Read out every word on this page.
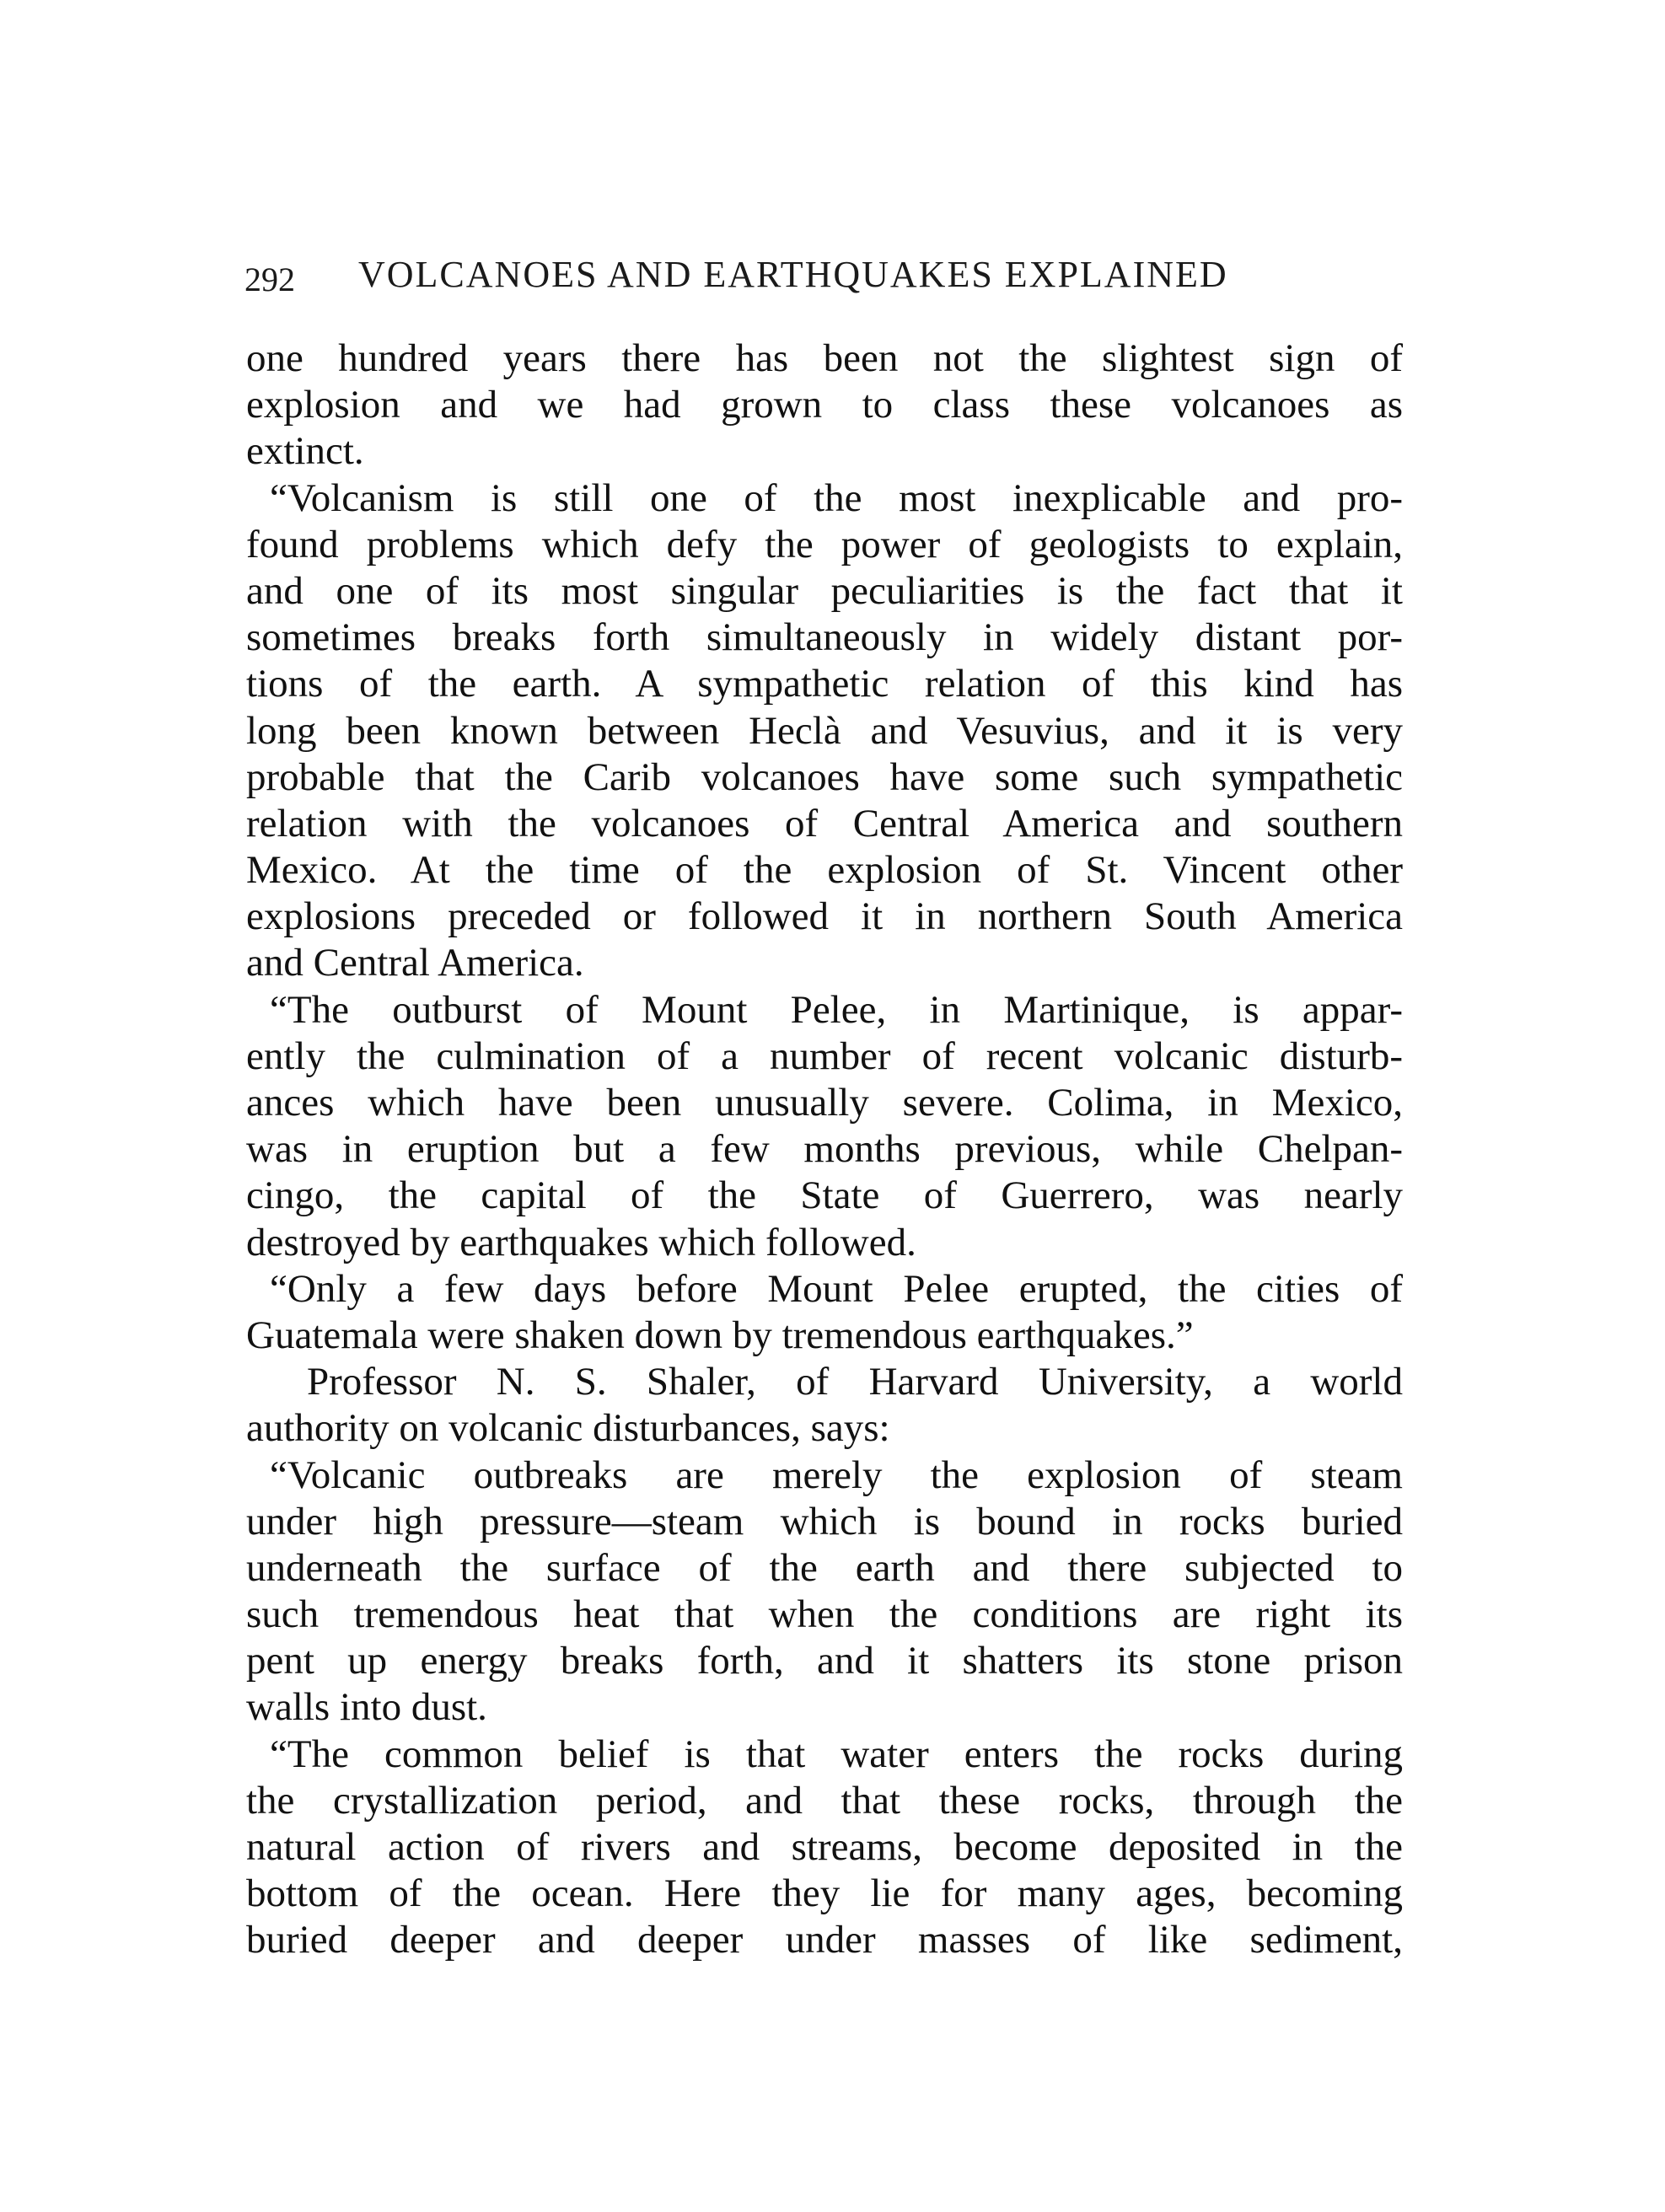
292 VOLCANOES AND EARTHQUAKES EXPLAINED
one hundred years there has been not the slightest sign of
explosion and we had grown to class these volcanoes as
extinct.
“Volcanism is still one of the most inexplicable and pro-
found problems which defy the power of geologists to explain,
and one of its most singular peculiarities is the fact that it
sometimes breaks forth simultaneously in widely distant por-
tions of the earth. A sympathetic relation of this kind has
long been known between Heclà and Vesuvius, and it is very
probable that the Carib volcanoes have some such sympathetic
relation with the volcanoes of Central America and southern
Mexico. At the time of the explosion of St. Vincent other
explosions preceded or followed it in northern South America
and Central America.
“The outburst of Mount Pelee, in Martinique, is appar-
ently the culmination of a number of recent volcanic disturb-
ances which have been unusually severe. Colima, in Mexico,
was in eruption but a few months previous, while Chelpan-
cingo, the capital of the State of Guerrero, was nearly
destroyed by earthquakes which followed.
“Only a few days before Mount Pelee erupted, the cities of
Guatemala were shaken down by tremendous earthquakes.”
Professor N. S. Shaler, of Harvard University, a world
authority on volcanic disturbances, says:
“Volcanic outbreaks are merely the explosion of steam
under high pressure—steam which is bound in rocks buried
underneath the surface of the earth and there subjected to
such tremendous heat that when the conditions are right its
pent up energy breaks forth, and it shatters its stone prison
walls into dust.
“The common belief is that water enters the rocks during
the crystallization period, and that these rocks, through the
natural action of rivers and streams, become deposited in the
bottom of the ocean. Here they lie for many ages, becoming
buried deeper and deeper under masses of like sediment,
